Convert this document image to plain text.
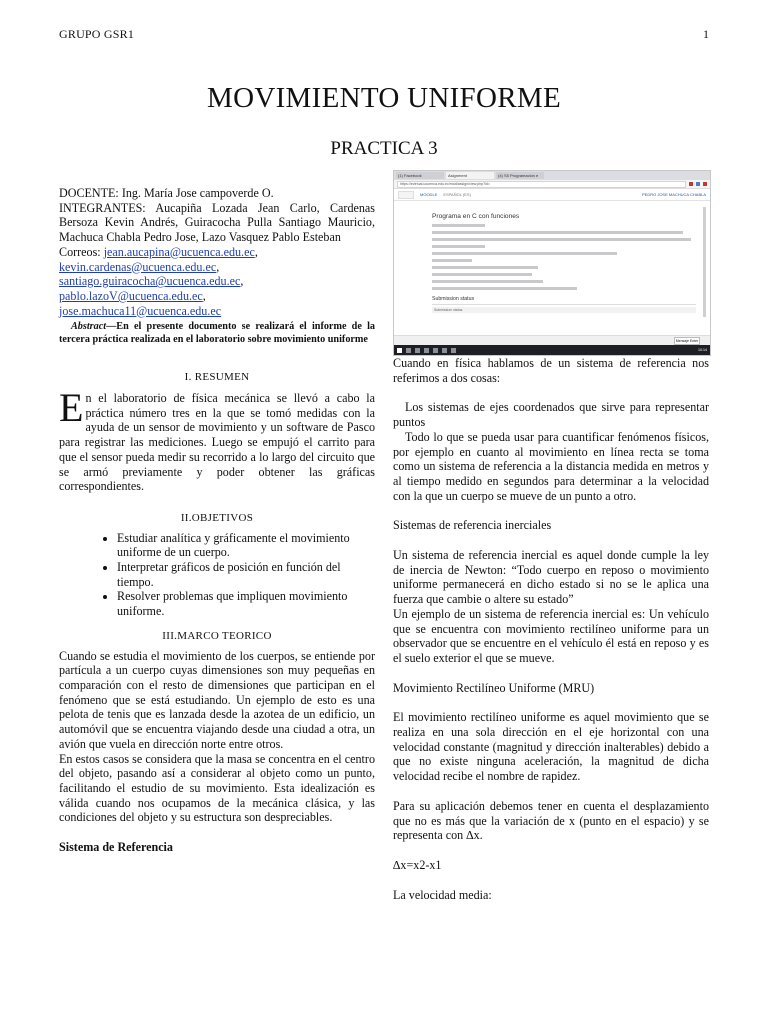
GRUPO GSR1	1
MOVIMIENTO UNIFORME
PRACTICA 3

DOCENTE: Ing. María Jose campoverde O.

INTEGRANTES: Aucapiña Lozada Jean Carlo, Cardenas Bersoza Kevin Andrés, Guiracocha Pulla Santiago Mauricio, Machuca Chabla Pedro Jose, Lazo Vasquez Pablo Esteban

Correos: jean.aucapina@ucuenca.edu.ec,
kevin.cardenas@ucuenca.edu.ec,
santiago.guiracocha@ucuenca.edu.ec,
pablo.lazoV@ucuenca.edu.ec,
jose.machuca11@ucuenca.edu.ec

Abstract—En el presente documento se realizará el informe de la tercera práctica realizada en el laboratorio sobre movimiento uniforme

I. RESUMEN

En el laboratorio de física mecánica se llevó a cabo la práctica número tres en la que se tomó medidas con la ayuda de un sensor de movimiento y un software de Pasco para registrar las mediciones. Luego se empujó el carrito para que el sensor pueda medir su recorrido a lo largo del circuito que se armó previamente y poder obtener las gráficas correspondientes.

II.OBJETIVOS

• Estudiar analítica y gráficamente el movimiento uniforme de un cuerpo.
• Interpretar gráficos de posición en función del tiempo.
• Resolver problemas que impliquen movimiento uniforme.

III.MARCO TEORICO

Cuando se estudia el movimiento de los cuerpos, se entiende por partícula a un cuerpo cuyas dimensiones son muy pequeñas en comparación con el resto de dimensiones que participan en el fenómeno que se está estudiando. Un ejemplo de esto es una pelota de tenis que es lanzada desde la azotea de un edificio, un automóvil que se encuentra viajando desde una ciudad a otra, un avión que vuela en dirección norte entre otros.

En estos casos se considera que la masa se concentra en el centro del objeto, pasando así a considerar al objeto como un punto, facilitando el estudio de su movimiento. Esta idealización es válida cuando nos ocupamos de la mecánica clásica, y las condiciones del objeto y su estructura son despreciables.

Sistema de Referencia

(1) Facebook	Asignment	(4) S5 Programacion e
https://evirtual.ucuenca.edu.ec/mod/assign/view.php?id=
MOODLE ESPAÑOL (ES)	PEDRO JOSE MACHUCA CHABLA
Programa en C con funciones
Submission status
Submission status
Mensaje Enter
10:14

Cuando en física hablamos de un sistema de referencia nos referimos a dos cosas:

Los sistemas de ejes coordenados que sirve para representar puntos

Todo lo que se pueda usar para cuantificar fenómenos físicos, por ejemplo en cuanto al movimiento en línea recta se toma como un sistema de referencia a la distancia medida en metros y al tiempo medido en segundos para determinar a la velocidad con la que un cuerpo se mueve de un punto a otro.

Sistemas de referencia inerciales

Un sistema de referencia inercial es aquel donde cumple la ley de inercia de Newton: “Todo cuerpo en reposo o movimiento uniforme permanecerá en dicho estado si no se le aplica una fuerza que cambie o altere su estado”

Un ejemplo de un sistema de referencia inercial es: Un vehículo que se encuentra con movimiento rectilíneo uniforme para un observador que se encuentre en el vehículo él está en reposo y es el suelo exterior el que se mueve.

Movimiento Rectilíneo Uniforme (MRU)

El movimiento rectilíneo uniforme es aquel movimiento que se realiza en una sola dirección en el eje horizontal con una velocidad constante (magnitud y dirección inalterables) debido a que no existe ninguna aceleración, la magnitud de dicha velocidad recibe el nombre de rapidez.

Para su aplicación debemos tener en cuenta el desplazamiento que no es más que la variación de x (punto en el espacio) y se representa con ∆x.

∆x=x2-x1

La velocidad media:
